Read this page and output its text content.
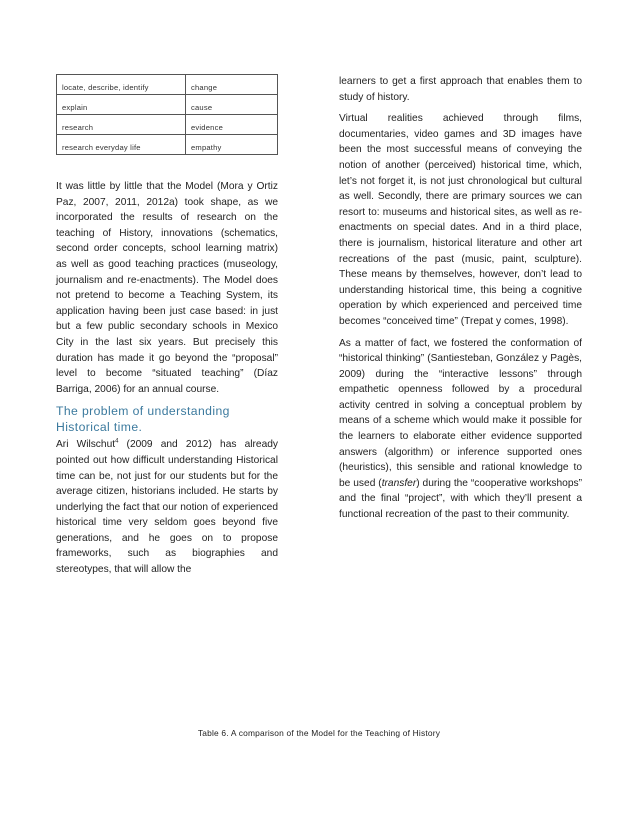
locate, describe, identify	change
explain	cause
research	evidence
research everyday life	empathy

It was little by little that the Model (Mora y Ortiz Paz, 2007, 2011, 2012a) took shape, as we incorporated the results of research on the teaching of History, innovations (schematics, second order concepts, school learning matrix) as well as good teaching practices (museology, journalism and re-enactments). The Model does not pretend to become a Teaching System, its application having been just case based: in just but a few public secondary schools in Mexico City in the last six years. But precisely this duration has made it go beyond the “proposal” level to become “situated teaching” (Díaz Barriga, 2006) for an annual course.

The problem of understanding Historical time.

Ari Wilschut$^4$ (2009 and 2012) has already pointed out how difficult understanding Historical time can be, not just for our students but for the average citizen, historians included. He starts by underlying the fact that our notion of experienced historical time very seldom goes beyond five generations, and he goes on to propose frameworks, such as biographies and stereotypes, that will allow the

learners to get a first approach that enables them to study of history.

Virtual realities achieved through films, documentaries, video games and 3D images have been the most successful means of conveying the notion of another (perceived) historical time, which, let’s not forget it, is not just chronological but cultural as well. Secondly, there are primary sources we can resort to: museums and historical sites, as well as re-enactments on special dates. And in a third place, there is journalism, historical literature and other art recreations of the past (music, paint, sculpture). These means by themselves, however, don’t lead to understanding historical time, this being a cognitive operation by which experienced and perceived time becomes “conceived time” (Trepat y comes, 1998).

As a matter of fact, we fostered the conformation of “historical thinking” (Santiesteban, González y Pagès, 2009) during the “interactive lessons” through empathetic openness followed by a procedural activity centred in solving a conceptual problem by means of a scheme which would make it possible for the learners to elaborate either evidence supported answers (algorithm) or inference supported ones (heuristics), this sensible and rational knowledge to be used (transfer) during the “cooperative workshops” and the final “project”, with which they’ll present a functional recreation of the past to their community.

Table 6. A comparison of the Model for the Teaching of History
